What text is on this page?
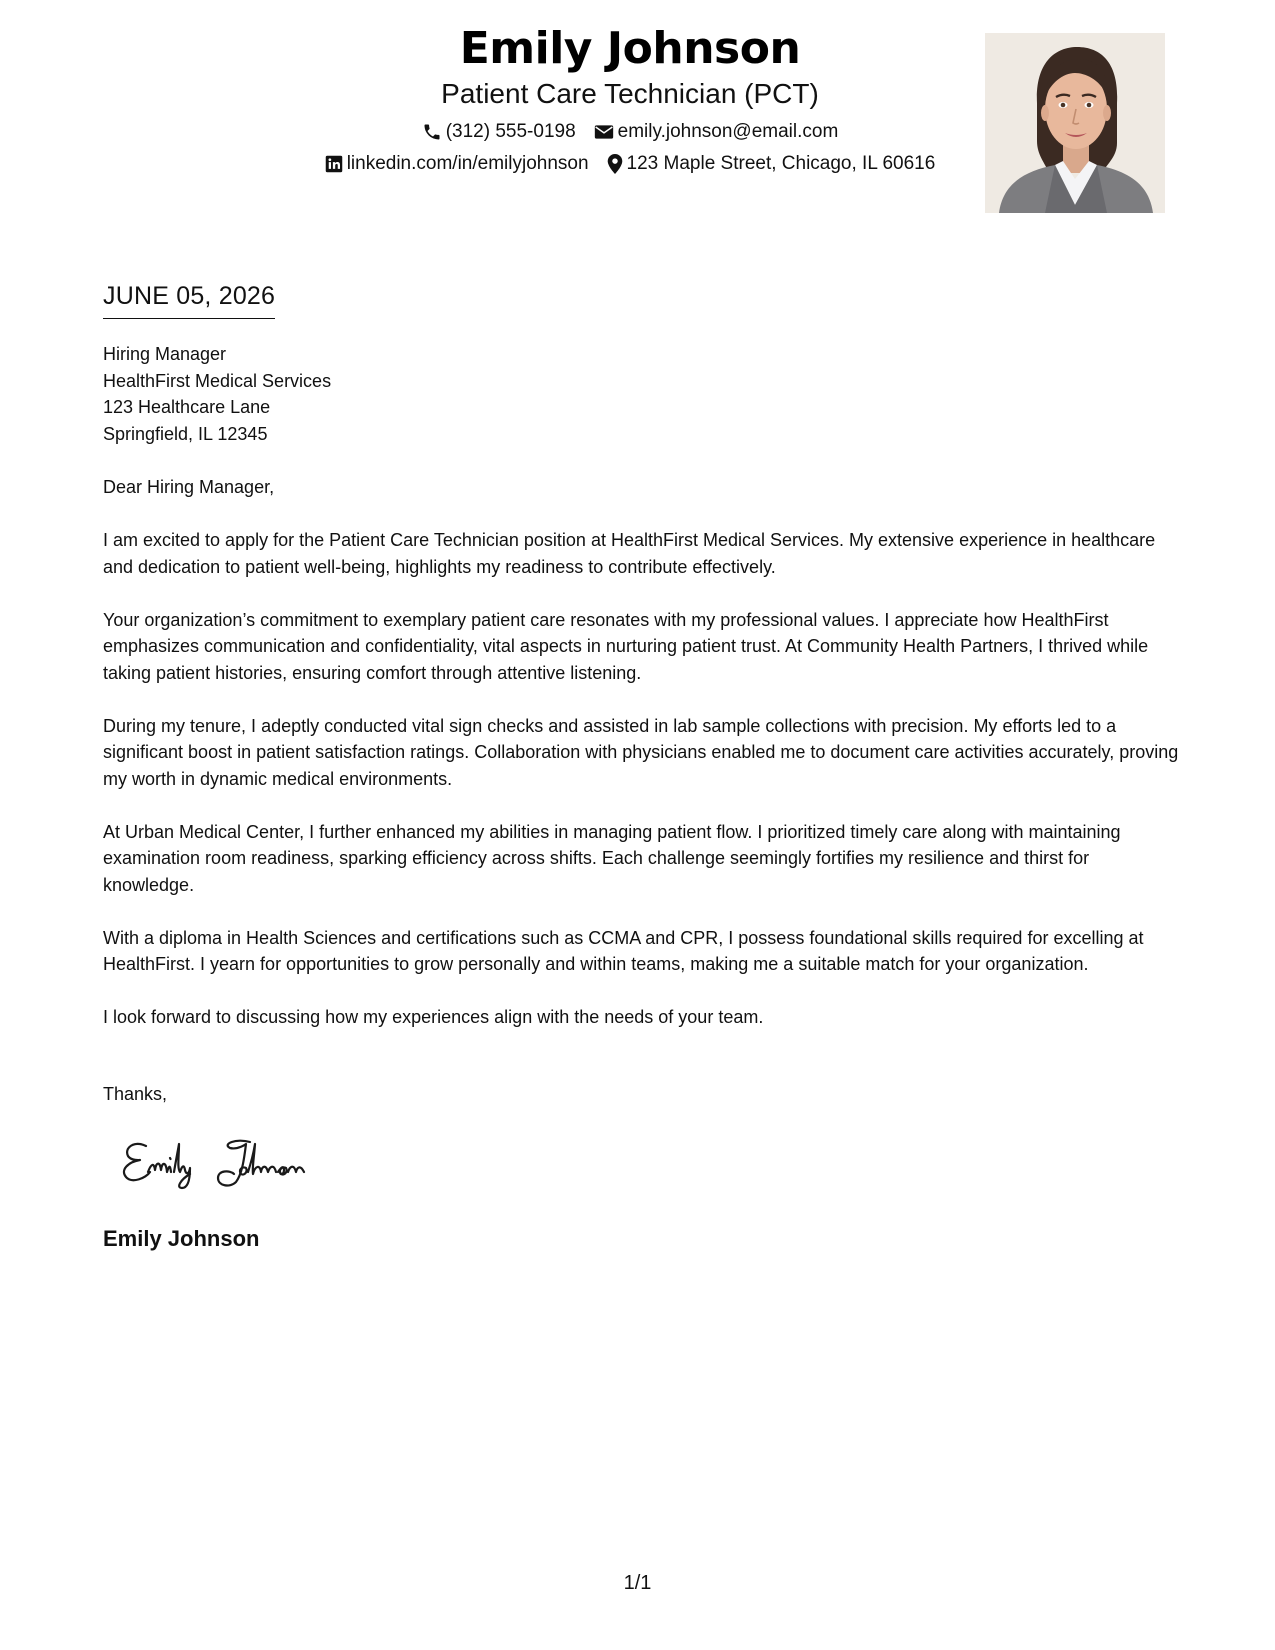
Emily Johnson
Patient Care Technician (PCT)
(312) 555-0198 emily.johnson@email.com
linkedin.com/in/emilyjohnson 123 Maple Street, Chicago, IL 60616
JUNE 05, 2026
Hiring Manager
HealthFirst Medical Services
123 Healthcare Lane
Springfield, IL 12345

Dear Hiring Manager,

I am excited to apply for the Patient Care Technician position at HealthFirst Medical Services. My extensive experience in healthcare and dedication to patient well-being, highlights my readiness to contribute effectively.

Your organization’s commitment to exemplary patient care resonates with my professional values. I appreciate how HealthFirst emphasizes communication and confidentiality, vital aspects in nurturing patient trust. At Community Health Partners, I thrived while taking patient histories, ensuring comfort through attentive listening.

During my tenure, I adeptly conducted vital sign checks and assisted in lab sample collections with precision. My efforts led to a significant boost in patient satisfaction ratings. Collaboration with physicians enabled me to document care activities accurately, proving my worth in dynamic medical environments.

At Urban Medical Center, I further enhanced my abilities in managing patient flow. I prioritized timely care along with maintaining examination room readiness, sparking efficiency across shifts. Each challenge seemingly fortifies my resilience and thirst for knowledge.

With a diploma in Health Sciences and certifications such as CCMA and CPR, I possess foundational skills required for excelling at HealthFirst. I yearn for opportunities to grow personally and within teams, making me a suitable match for your organization.

I look forward to discussing how my experiences align with the needs of your team.

Thanks,
Emily Johnson
1/1
